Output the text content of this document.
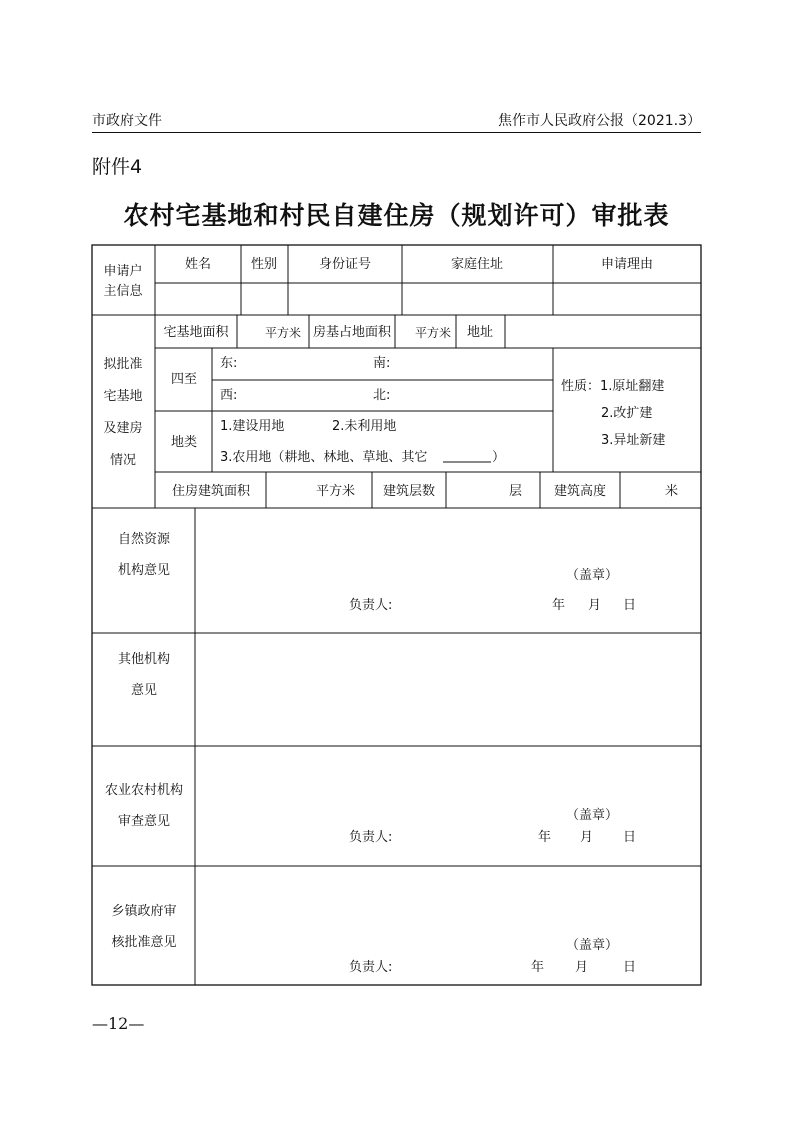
市政府文件	焦作市人民政府公报（2021.3）
附件4
农村宅基地和村民自建住房（规划许可）审批表
申请户
主信息
姓名	性别	身份证号	家庭住址	申请理由
拟批准
宅基地
及建房
情况
宅基地面积	平方米 房基占地面积 平方米 地址
四至
东:	南:
西:	北:
地类
1.建设用地	2.未利用地
3.农用地（耕地、林地、草地、其它	）
性质：1.原址翻建
2.改扩建
3.异址新建
住房建筑面积	平方米 建筑层数	层 建筑高度	米
自然资源
机构意见	（盖章）
负责人:	年 月 日
其他机构
意见
农业农村机构
审查意见	（盖章）
负责人:	年 月 日
乡镇政府审
核批准意见	（盖章）
负责人:	年 月	日
—12—
